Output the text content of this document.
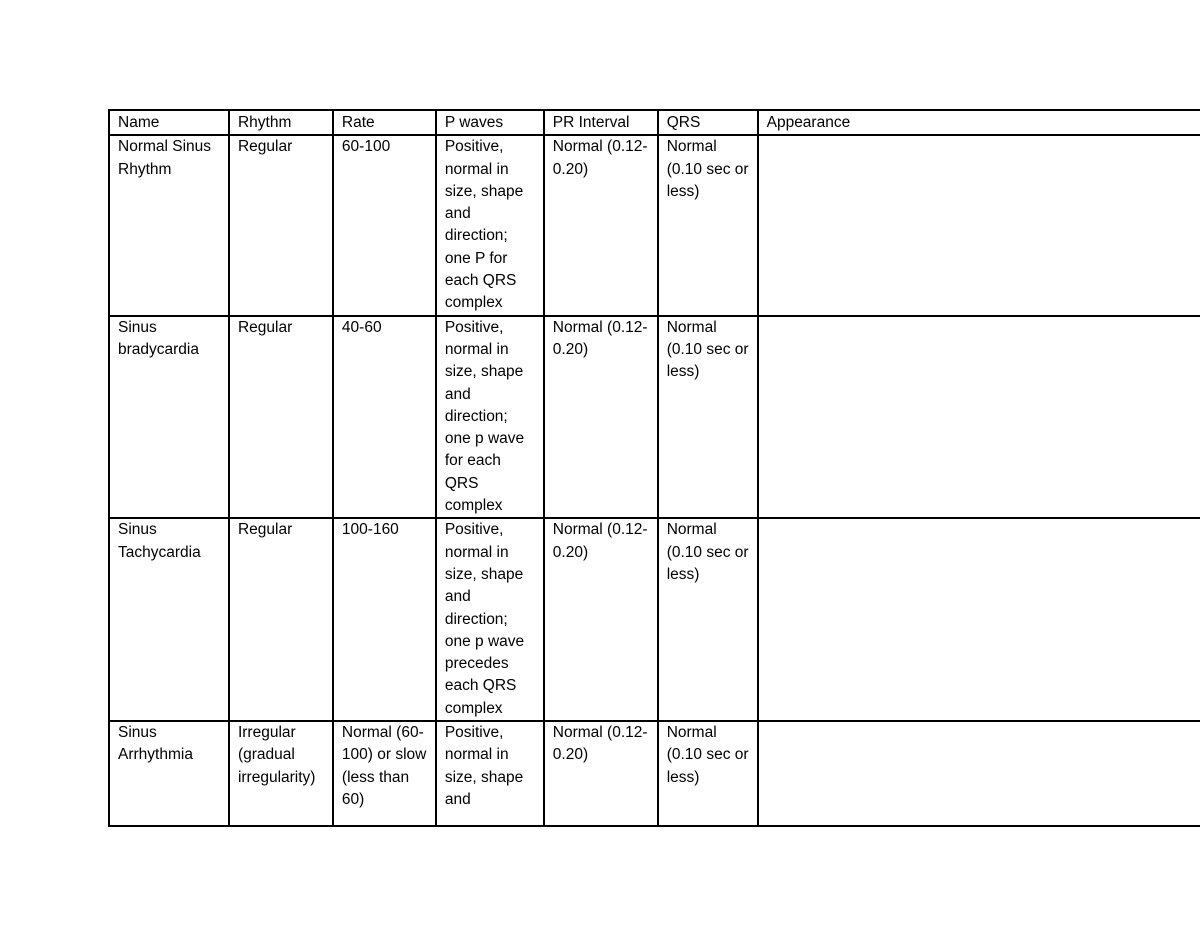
Name	Rhythm	Rate	P waves	PR Interval	QRS	Appearance
Normal Sinus Rhythm	Regular	60-100	Positive, normal in size, shape and direction; one P for each QRS complex	Normal (0.12-0.20)	Normal (0.10 sec or less)	
Sinus bradycardia	Regular	40-60	Positive, normal in size, shape and direction; one p wave for each QRS complex	Normal (0.12-0.20)	Normal (0.10 sec or less)	
Sinus Tachycardia	Regular	100-160	Positive, normal in size, shape and direction; one p wave precedes each QRS complex	Normal (0.12-0.20)	Normal (0.10 sec or less)	
Sinus Arrhythmia	Irregular (gradual irregularity)	Normal (60-100) or slow (less than 60)	Positive, normal in size, shape and	Normal (0.12-0.20)	Normal (0.10 sec or less)	
